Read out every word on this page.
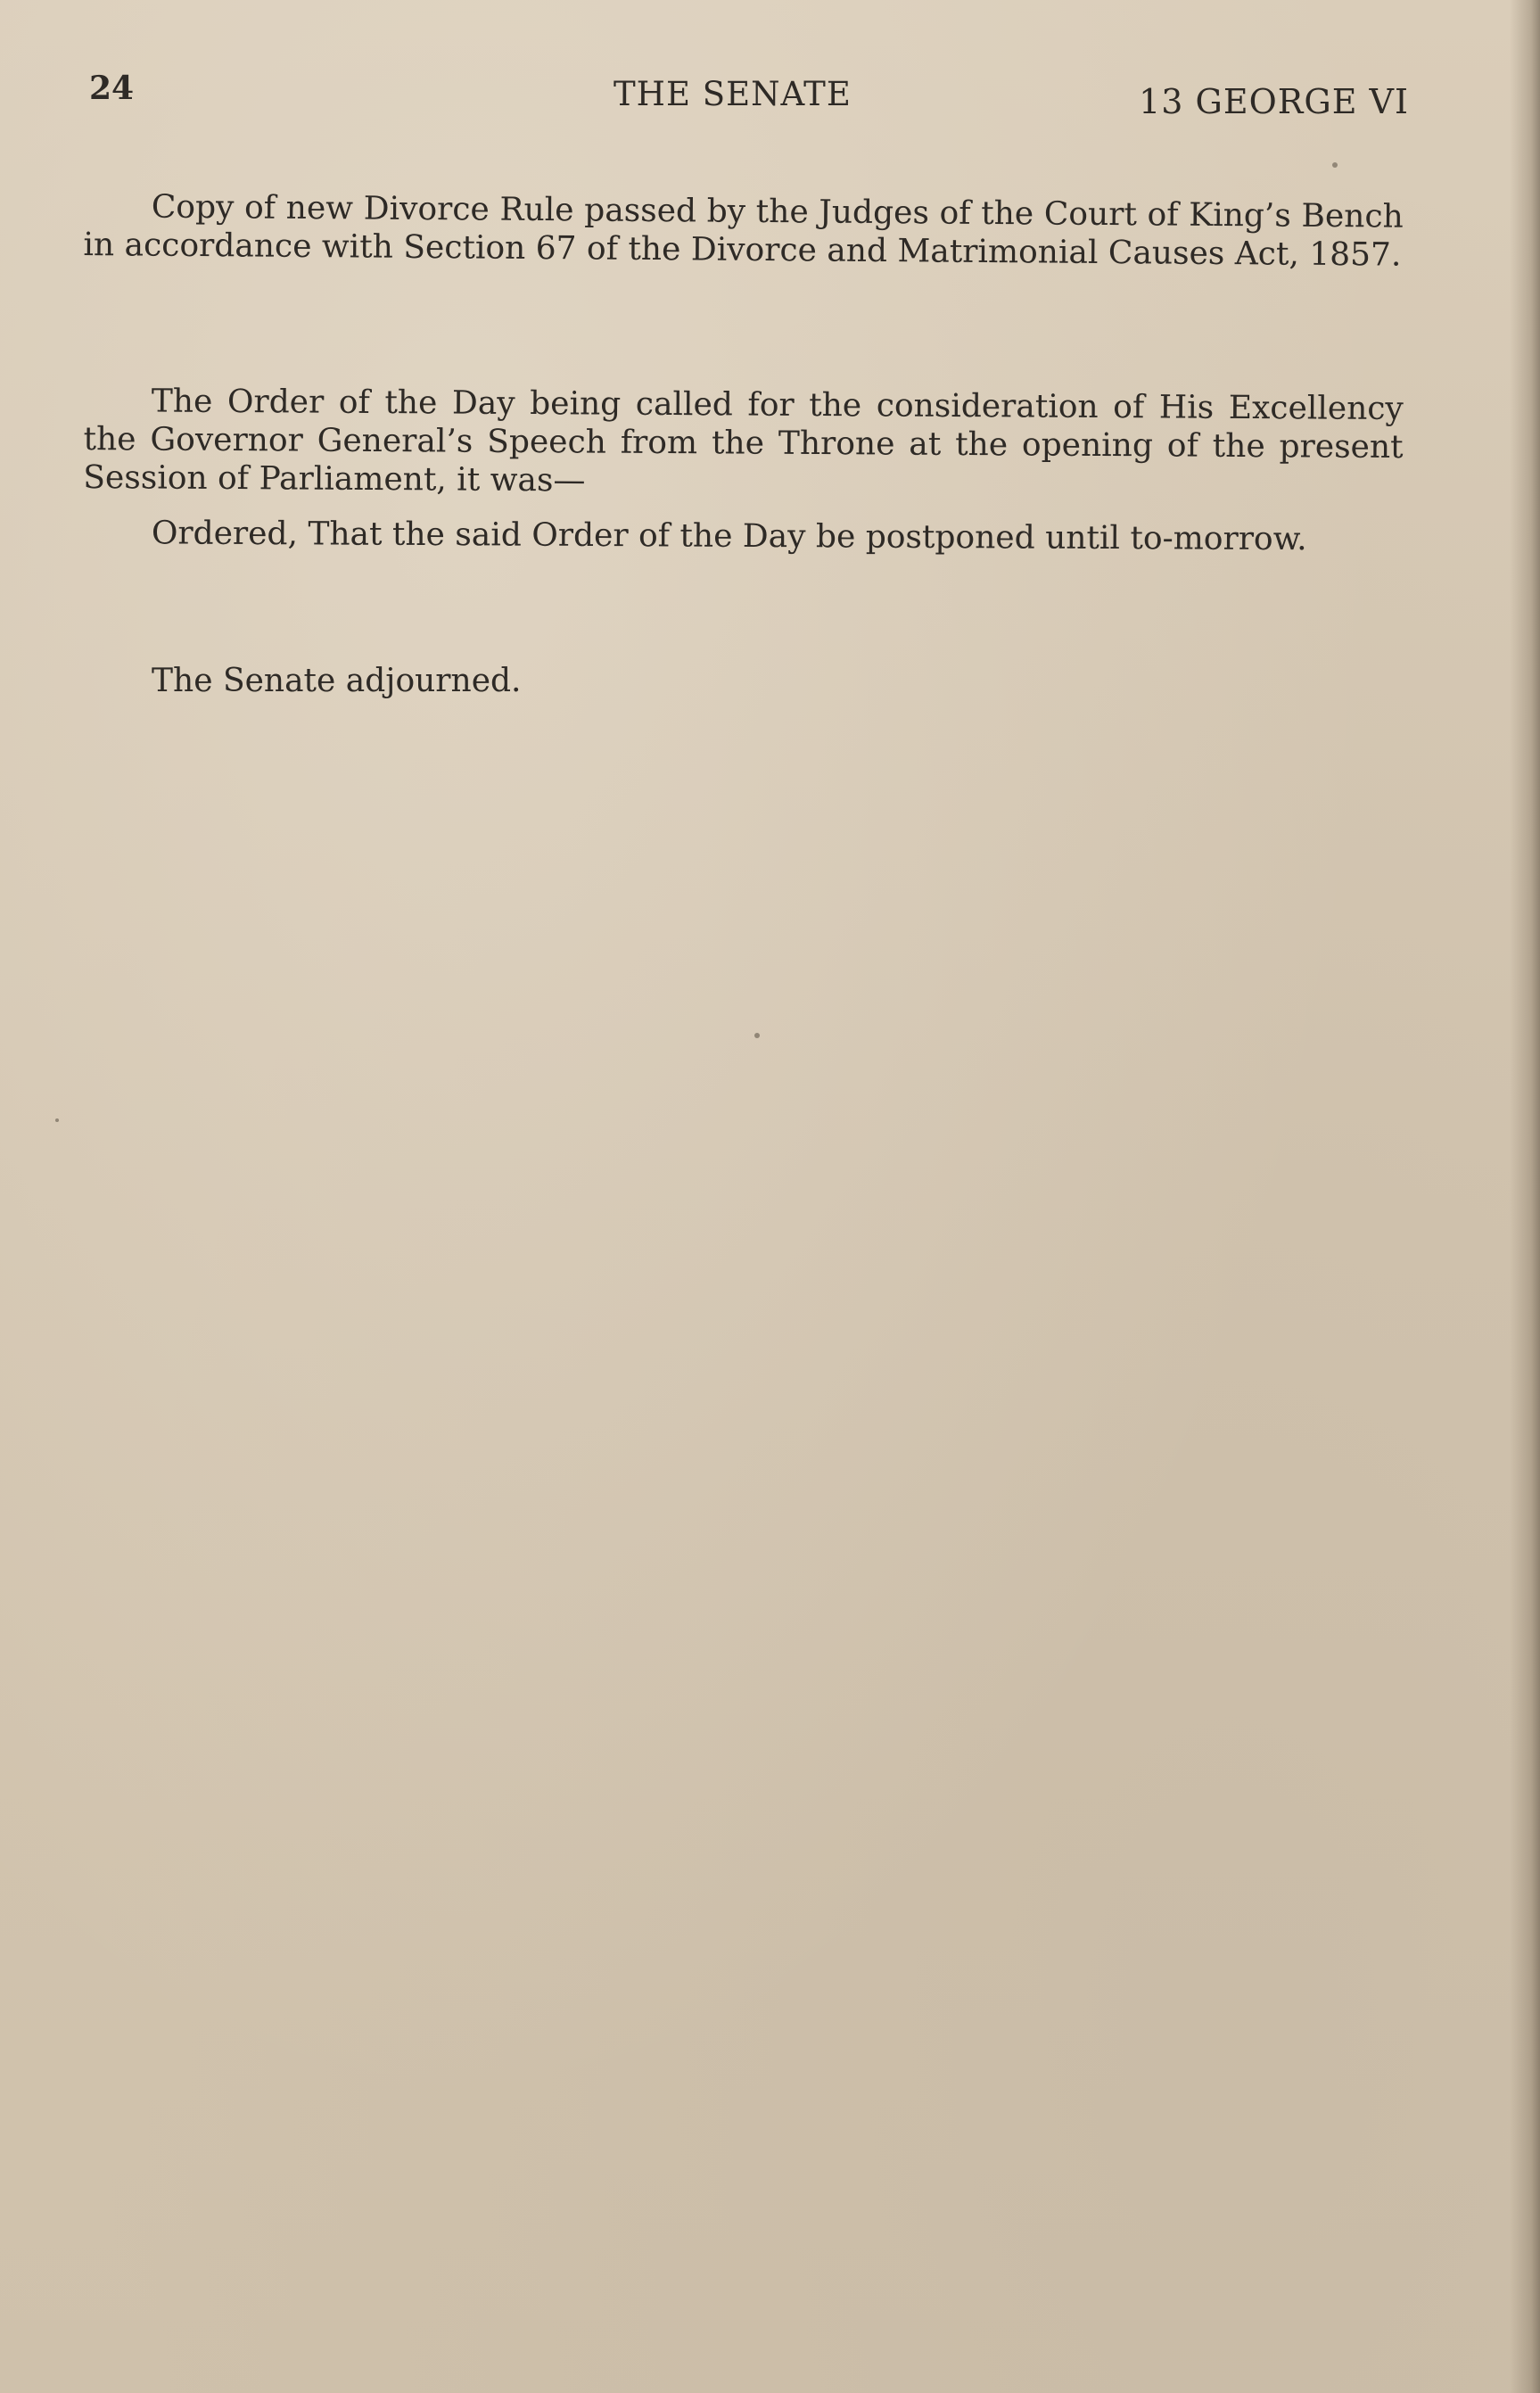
24	THE SENATE	13 GEORGE VI

Copy of new Divorce Rule passed by the Judges of the Court of King’s Bench in accordance with Section 67 of the Divorce and Matrimonial Causes Act, 1857.

The Order of the Day being called for the consideration of His Excellency the Governor General’s Speech from the Throne at the opening of the present Session of Parliament, it was—

Ordered, That the said Order of the Day be postponed until to-morrow.

The Senate adjourned.
